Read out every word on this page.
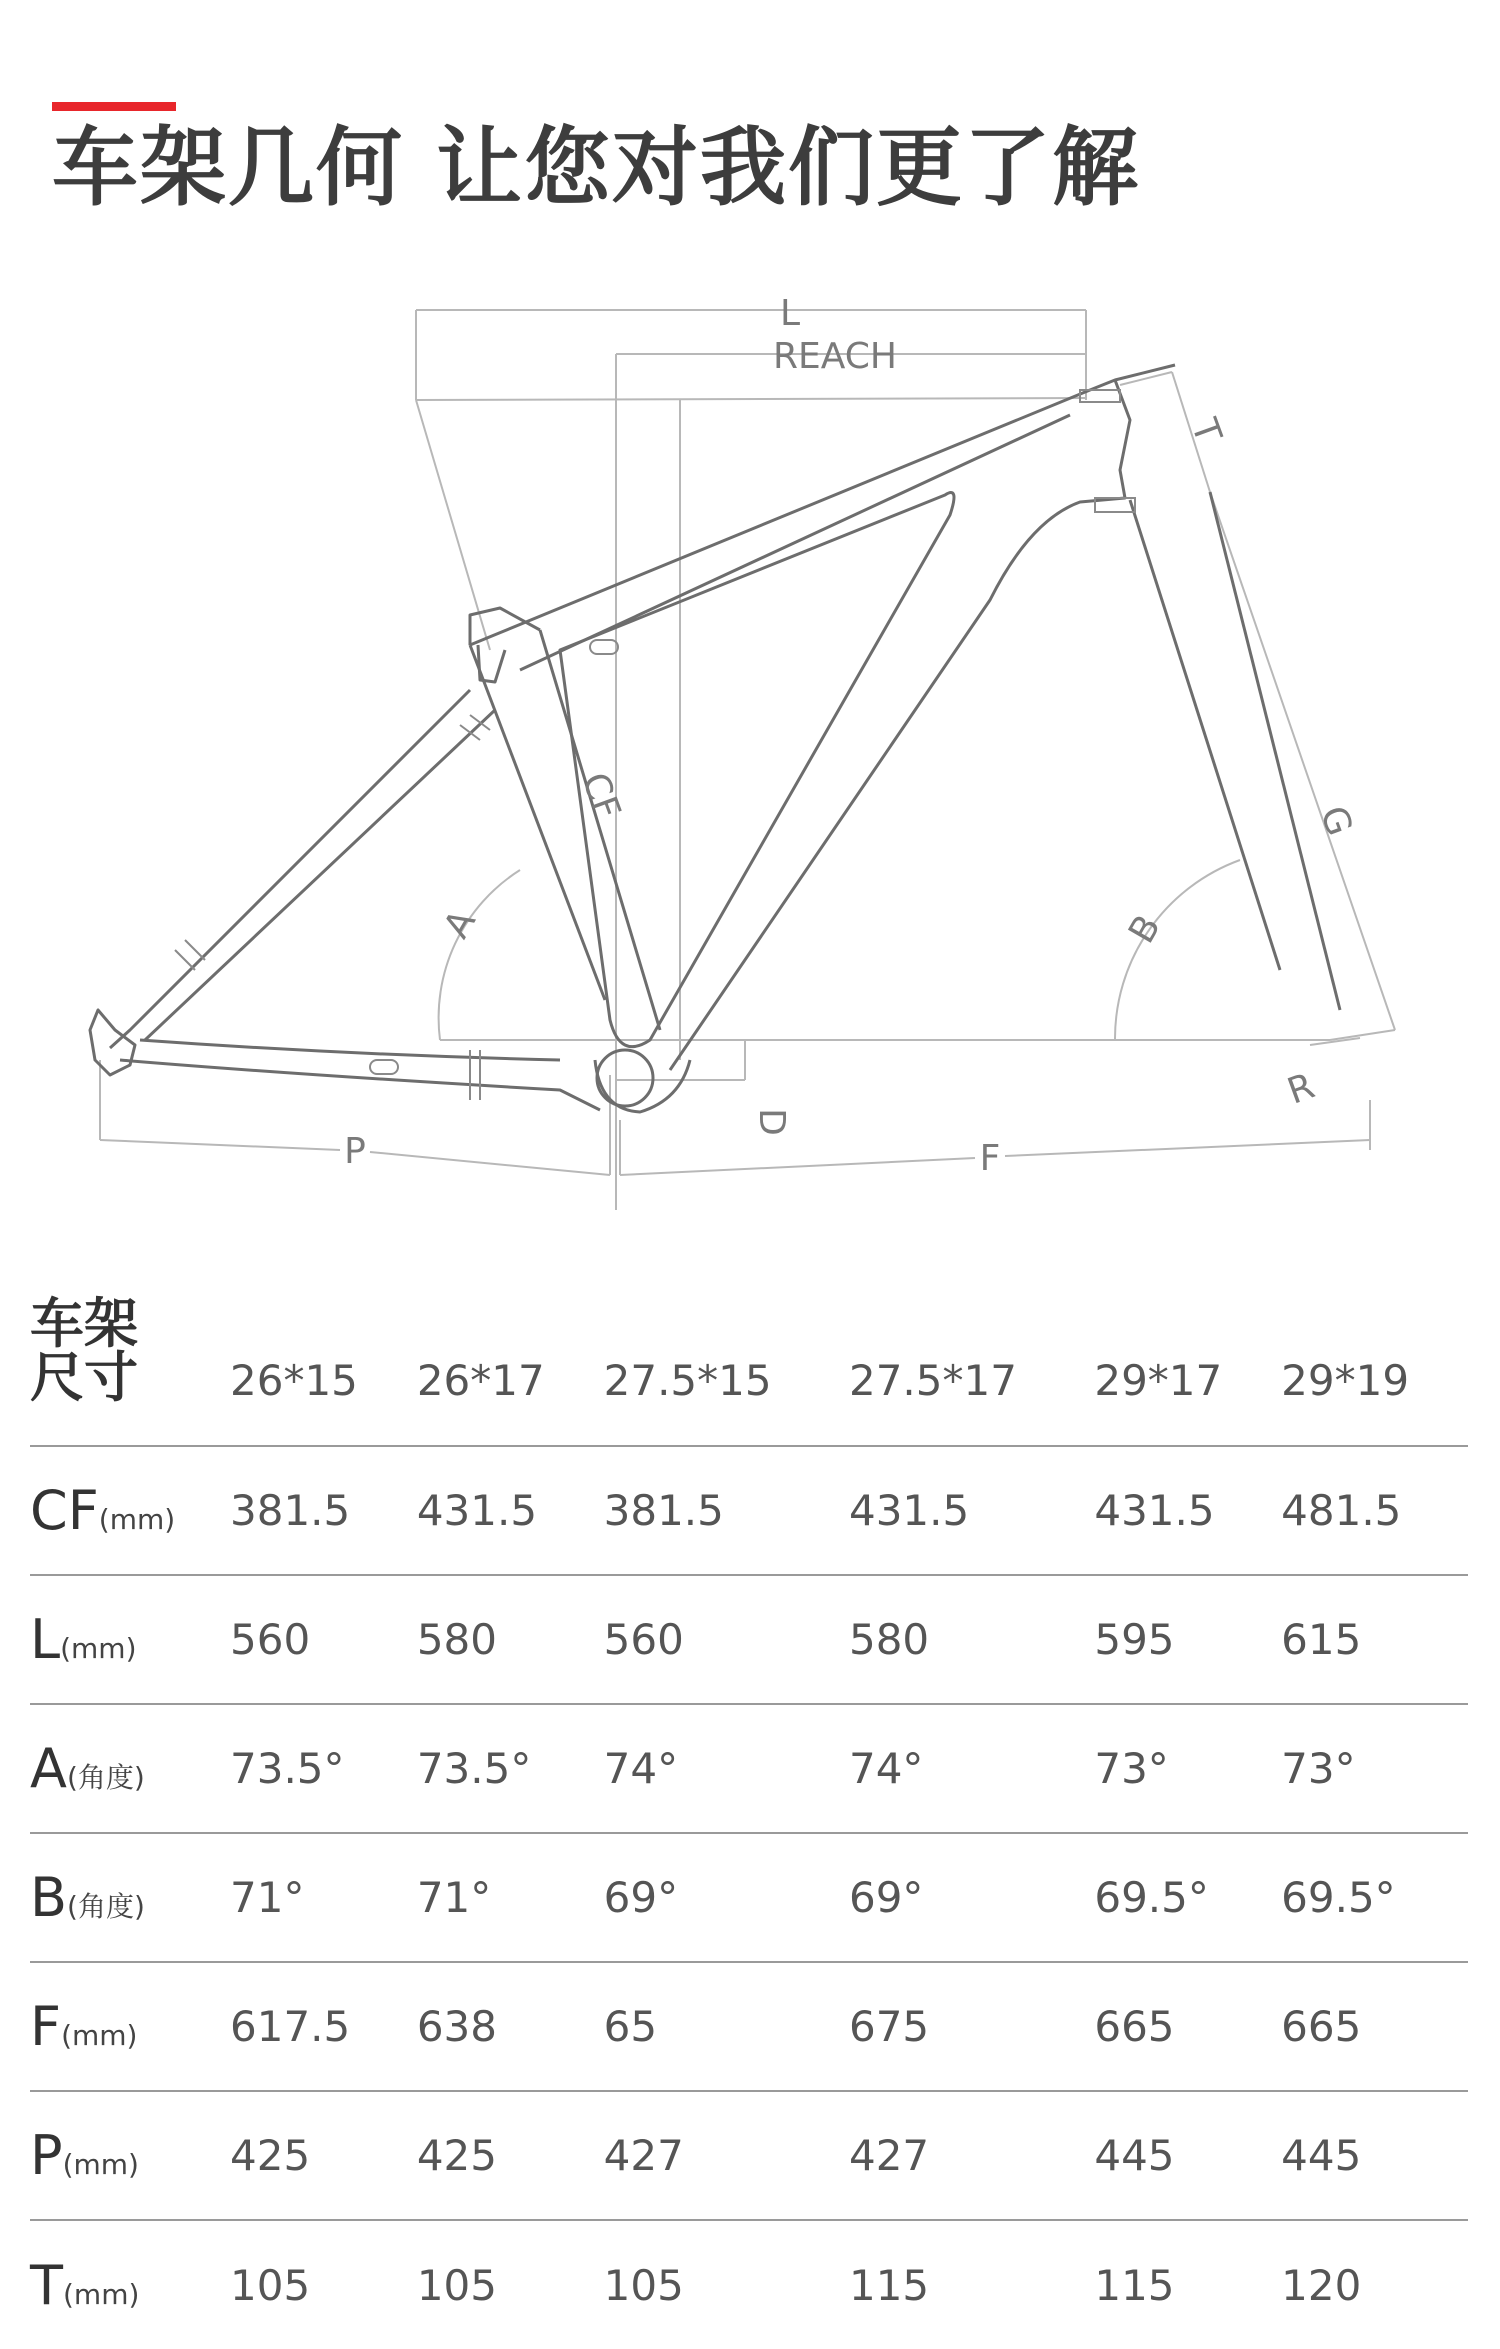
车架几何 让您对我们更了解
L
REACH
T
CF
A	B
G
R
D
P	F
车架
尺寸	26*15	26*17	27.5*15	27.5*17	29*17	29*19
CF(mm)	381.5	431.5	381.5	431.5	431.5	481.5
L(mm)	560	580	560	580	595	615
A(角度)	73.5°	73.5°	74°	74°	73°	73°
B(角度)	71°	71°	69°	69°	69.5°	69.5°
F(mm)	617.5	638	65	675	665	665
P(mm)	425	425	427	427	445	445
T(mm)	105	105	105	115	115	120
